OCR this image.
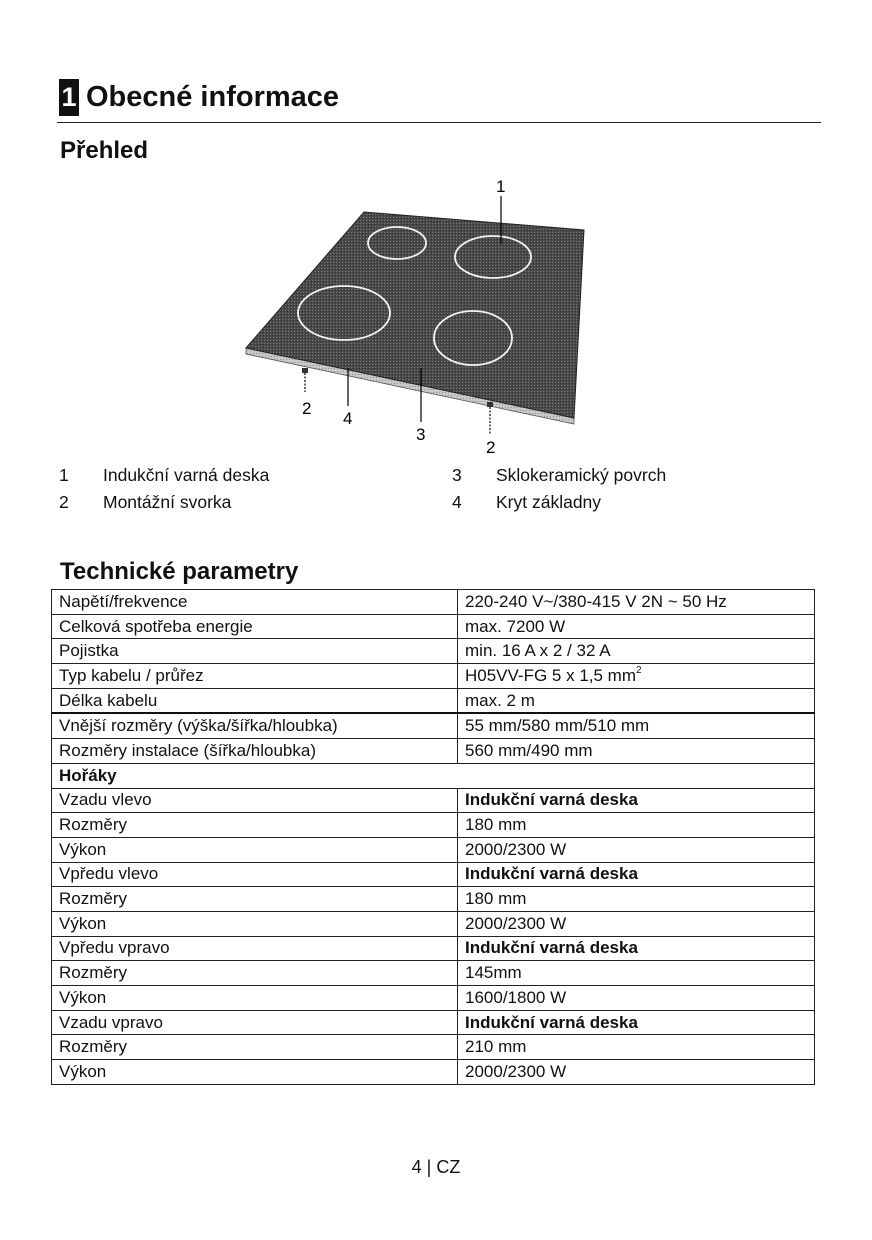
1 Obecné informace
Přehled
1
2
4
3
2
1 Indukční varná deska
2 Montážní svorka
3 Sklokeramický povrch
4 Kryt základny
Technické parametry
Napětí/frekvence	220-240 V~/380-415 V 2N ~ 50 Hz
Celková spotřeba energie	max. 7200 W
Pojistka	min. 16 A x 2 / 32 A
Typ kabelu / průřez	H05VV-FG 5 x 1,5 $mm^2$
Délka kabelu	max. 2 m
Vnější rozměry (výška/šířka/hloubka)	55 mm/580 mm/510 mm
Rozměry instalace (šířka/hloubka)	560 mm/490 mm
Hořáky	
Vzadu vlevo	Indukční varná deska
Rozměry	180 mm
Výkon	2000/2300 W
Vpředu vlevo	Indukční varná deska
Rozměry	180 mm
Výkon	2000/2300 W
Vpředu vpravo	Indukční varná deska
Rozměry	145mm
Výkon	1600/1800 W
Vzadu vpravo	Indukční varná deska
Rozměry	210 mm
Výkon	2000/2300 W
4 | CZ
